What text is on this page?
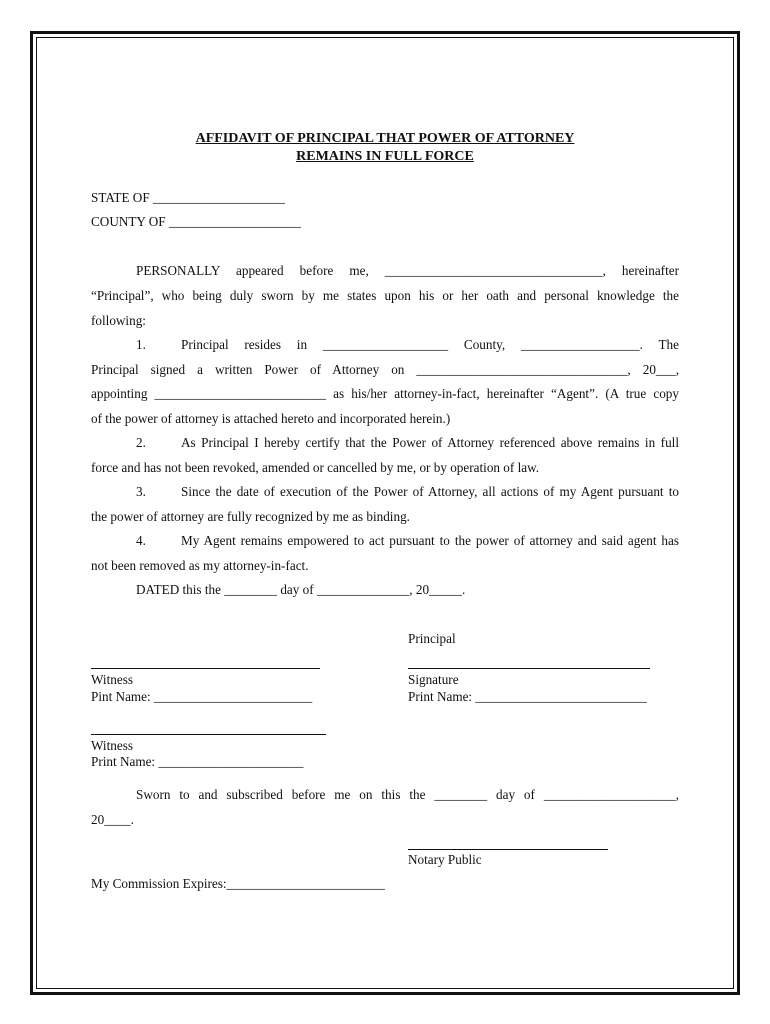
AFFIDAVIT OF PRINCIPAL THAT POWER OF ATTORNEY
REMAINS IN FULL FORCE
STATE OF ____________________
COUNTY OF ____________________
PERSONALLY appeared before me, _________________________________, hereinafter
“Principal”, who being duly sworn by me states upon his or her oath and personal knowledge the
following:
1.	Principal resides in ___________________ County, __________________. The
Principal signed a written Power of Attorney on ________________________________, 20___,
appointing __________________________ as his/her attorney-in-fact, hereinafter “Agent”. (A true copy
of the power of attorney is attached hereto and incorporated herein.)
2.	As Principal I hereby certify that the Power of Attorney referenced above remains in full
force and has not been revoked, amended or cancelled by me, or by operation of law.
3.	Since the date of execution of the Power of Attorney, all actions of my Agent pursuant to
the power of attorney are fully recognized by me as binding.
4.	My Agent remains empowered to act pursuant to the power of attorney and said agent has
not been removed as my attorney-in-fact.
DATED this the ________ day of ______________, 20_____.
Principal
Witness
Pint Name: ________________________
Signature
Print Name: __________________________
Witness
Print Name: ______________________
Sworn to and subscribed before me on this the ________ day of ____________________,
20____.
Notary Public
My Commission Expires:________________________
